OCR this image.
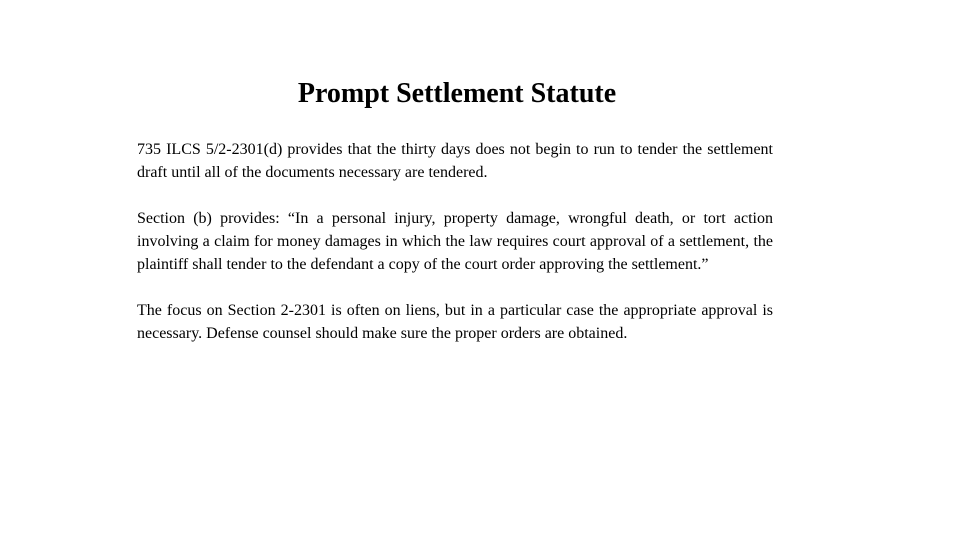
Prompt Settlement Statute

735 ILCS 5/2-2301(d) provides that the thirty days does not begin to run to tender the settlement draft until all of the documents necessary are tendered.

Section (b) provides: “In a personal injury, property damage, wrongful death, or tort action involving a claim for money damages in which the law requires court approval of a settlement, the plaintiff shall tender to the defendant a copy of the court order approving the settlement.”

The focus on Section 2-2301 is often on liens, but in a particular case the appropriate approval is necessary. Defense counsel should make sure the proper orders are obtained.
